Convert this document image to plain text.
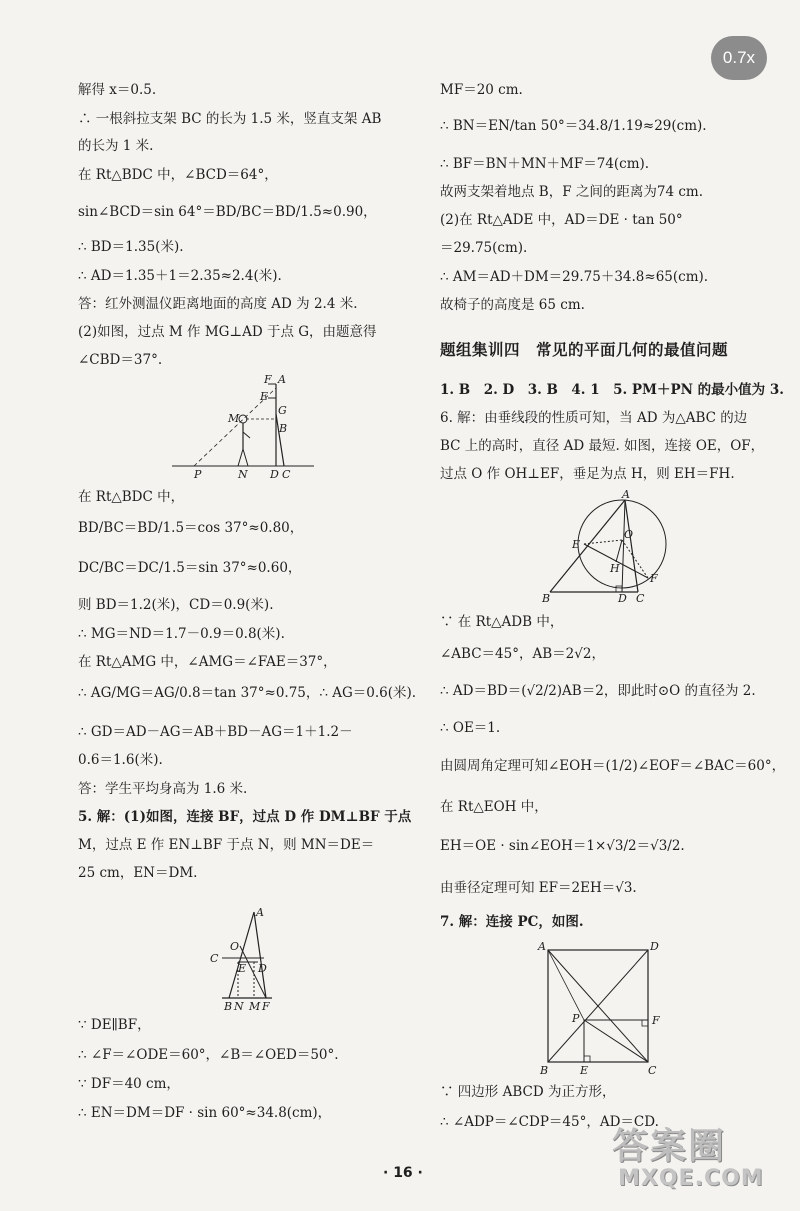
0.7x
解得 x＝0.5.
∴ 一根斜拉支架 BC 的长为 1.5 米，竖直支架 AB
的长为 1 米.
在 Rt△BDC 中，∠BCD＝64°，
sin∠BCD＝sin 64°＝BD/BC＝BD/1.5≈0.90，
∴ BD＝1.35(米).
∴ AD＝1.35＋1＝2.35≈2.4(米).
答：红外测温仪距离地面的高度 AD 为 2.4 米.
(2)如图，过点 M 作 MG⊥AD 于点 G，由题意得
∠CBD＝37°.
F A
E
G
M
B
P	N D C
在 Rt△BDC 中，
BD/BC＝BD/1.5＝cos 37°≈0.80，
DC/BC＝DC/1.5＝sin 37°≈0.60，
则 BD＝1.2(米)，CD＝0.9(米).
∴ MG＝ND＝1.7－0.9＝0.8(米).
在 Rt△AMG 中，∠AMG＝∠FAE＝37°，
∴ AG/MG＝AG/0.8＝tan 37°≈0.75，∴ AG＝0.6(米).
∴ GD＝AD－AG＝AB＋BD－AG＝1＋1.2－
0.6＝1.6(米).
答：学生平均身高为 1.6 米.
5. 解：(1)如图，连接 BF，过点 D 作 DM⊥BF 于点
M，过点 E 作 EN⊥BF 于点 N，则 MN＝DE＝
25 cm，EN＝DM.
A
O
C
E D
B N M F
∵ DE∥BF，
∴ ∠F＝∠ODE＝60°，∠B＝∠OED＝50°.
∵ DF＝40 cm，
∴ EN＝DM＝DF · sin 60°≈34.8(cm)，
MF＝20 cm.
∴ BN＝EN/tan 50°＝34.8/1.19≈29(cm).
∴ BF＝BN＋MN＋MF＝74(cm).
故两支架着地点 B，F 之间的距离为74 cm.
(2)在 Rt△ADE 中，AD＝DE · tan 50°
＝29.75(cm).
∴ AM＝AD＋DM＝29.75＋34.8≈65(cm).
故椅子的高度是 65 cm.
题组集训四　常见的平面几何的最值问题
1. B　2. D　3. B　4. 1　5. PM＋PN 的最小值为 3.
6. 解：由垂线段的性质可知，当 AD 为△ABC 的边
BC 上的高时，直径 AD 最短. 如图，连接 OE，OF，
过点 O 作 OH⊥EF，垂足为点 H，则 EH＝FH.
A
E
O
H
F
B	D C
∵ 在 Rt△ADB 中，
∠ABC＝45°，AB＝2√2，
∴ AD＝BD＝(√2/2)AB＝2，即此时⊙O 的直径为 2.
∴ OE＝1.
由圆周角定理可知∠EOH＝(1/2)∠EOF＝∠BAC＝60°，
在 Rt△EOH 中，
EH＝OE · sin∠EOH＝1×√3/2＝√3/2.
由垂径定理可知 EF＝2EH＝√3.
7. 解：连接 PC，如图.
A	D
P	F
B	E	C
∵ 四边形 ABCD 为正方形，
∴ ∠ADP＝∠CDP＝45°，AD＝CD.
· 16 ·
答案圈
MXQE.COM
